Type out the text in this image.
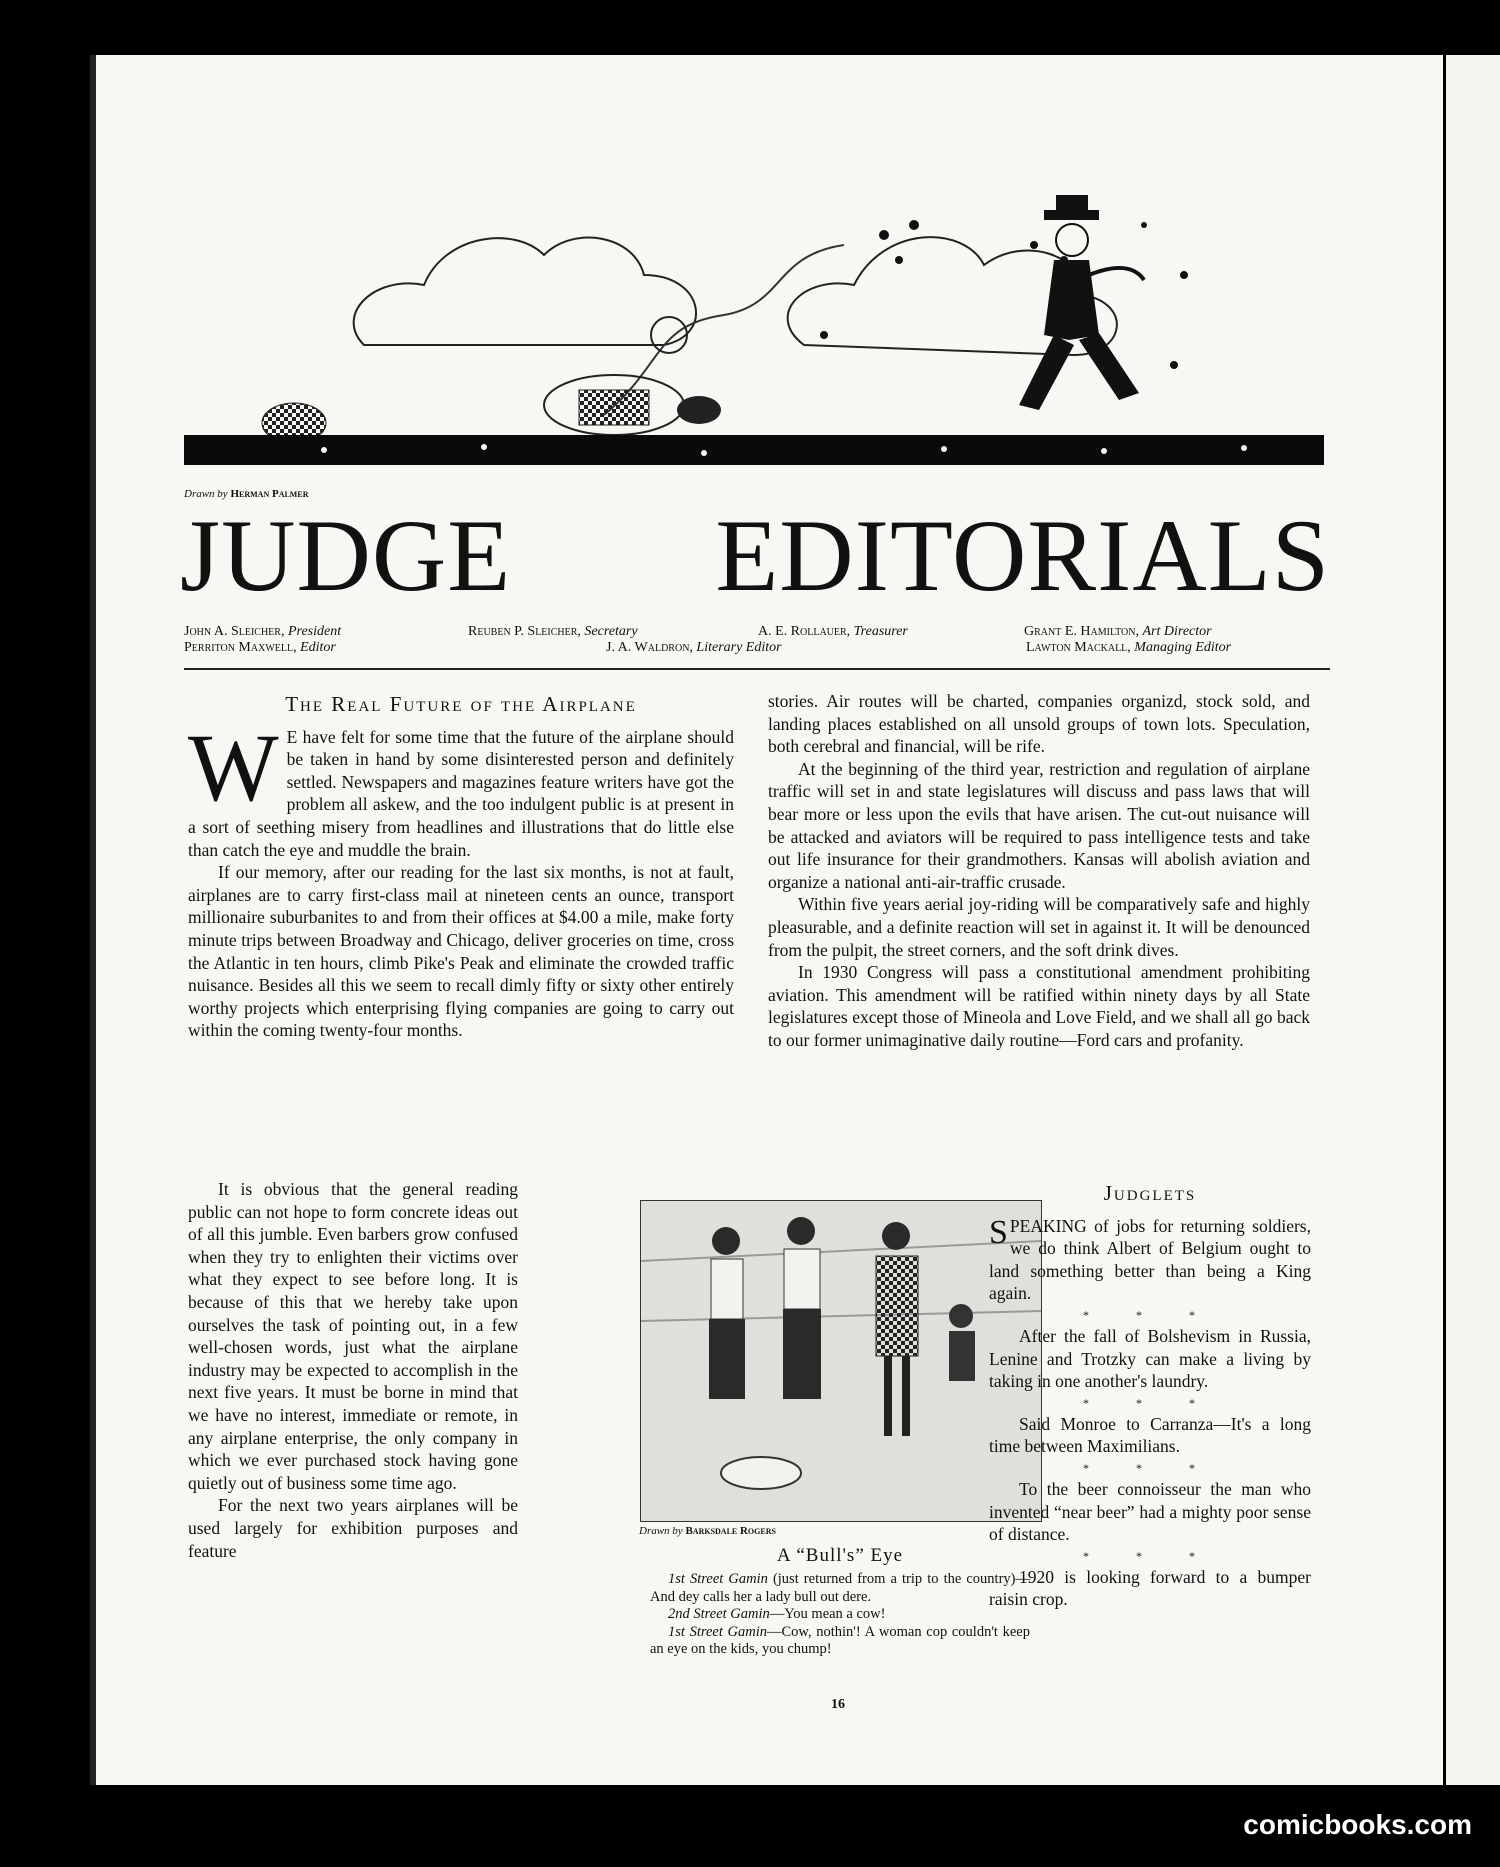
Drawn by Herman Palmer
JUDGE EDITORIALS
John A. Sleicher, President	Reuben P. Sleicher, Secretary	A. E. Rollauer, Treasurer	Grant E. Hamilton, Art Director
Perriton Maxwell, Editor	J. A. Waldron, Literary Editor	Lawton Mackall, Managing Editor
The Real Future of the Airplane

W E have felt for some time that the future of the airplane should be taken in hand by some disinterested person and definitely settled. Newspapers and magazines feature writers have got the problem all askew, and the too indulgent public is at present in a sort of seething misery from headlines and illustrations that do little else than catch the eye and muddle the brain.

If our memory, after our reading for the last six months, is not at fault, airplanes are to carry first-class mail at nineteen cents an ounce, transport millionaire suburbanites to and from their offices at $4.00 a mile, make forty minute trips between Broadway and Chicago, deliver groceries on time, cross the Atlantic in ten hours, climb Pike's Peak and eliminate the crowded traffic nuisance. Besides all this we seem to recall dimly fifty or sixty other entirely worthy projects which enterprising flying companies are going to carry out within the coming twenty-four months.

It is obvious that the general reading public can not hope to form concrete ideas out of all this jumble. Even barbers grow confused when they try to enlighten their victims over what they expect to see before long. It is because of this that we hereby take upon ourselves the task of pointing out, in a few well-chosen words, just what the airplane industry may be expected to accomplish in the next five years. It must be borne in mind that we have no interest, immediate or remote, in any airplane enterprise, the only company in which we ever purchased stock having gone quietly out of business some time ago.

For the next two years airplanes will be used largely for exhibition purposes and feature

stories. Air routes will be charted, companies organizd, stock sold, and landing places established on all unsold groups of town lots. Speculation, both cerebral and financial, will be rife.

At the beginning of the third year, restriction and regulation of airplane traffic will set in and state legislatures will discuss and pass laws that will bear more or less upon the evils that have arisen. The cut-out nuisance will be attacked and aviators will be required to pass intelligence tests and take out life insurance for their grandmothers. Kansas will abolish aviation and organize a national anti-air-traffic crusade.

Within five years aerial joy-riding will be comparatively safe and highly pleasurable, and a definite reaction will set in against it. It will be denounced from the pulpit, the street corners, and the soft drink dives.

In 1930 Congress will pass a constitutional amendment prohibiting aviation. This amendment will be ratified within ninety days by all State legislatures except those of Mineola and Love Field, and we shall all go back to our former unimaginative daily routine—Ford cars and profanity.

Drawn by Barksdale Rogers
A “Bull's” Eye

1st Street Gamin (just returned from a trip to the country)—And dey calls her a lady bull out dere.

2nd Street Gamin—You mean a cow!

1st Street Gamin—Cow, nothin'! A woman cop couldn't keep an eye on the kids, you chump!

Judglets

SPEAKING of jobs for returning soldiers, we do think Albert of Belgium ought to land something better than being a King again.

* * *

After the fall of Bolshevism in Russia, Lenine and Trotzky can make a living by taking in one another's laundry.

* * *

Said Monroe to Carranza—It's a long time between Maximilians.

* * *

To the beer connoisseur the man who invented “near beer” had a mighty poor sense of distance.

* * *

1920 is looking forward to a bumper raisin crop.

16
comicbooks.com
